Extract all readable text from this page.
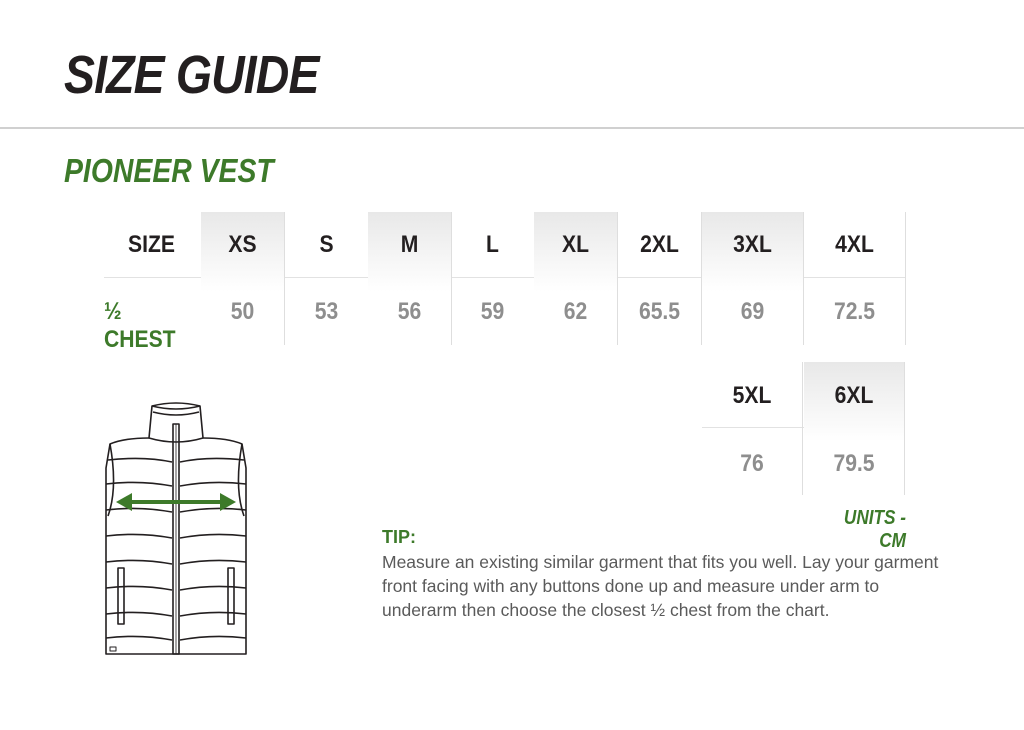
SIZE GUIDE
PIONEER VEST
SIZE
½ CHEST
XS
50
S
53
M
56
L
59
XL
62
2XL
65.5
3XL
69
4XL
72.5
5XL
76
6XL
79.5
UNITS - CM
TIP:
Measure an existing similar garment that fits you well. Lay your garment front facing with any buttons done up and measure under arm to underarm then choose the closest ½ chest from the chart.
